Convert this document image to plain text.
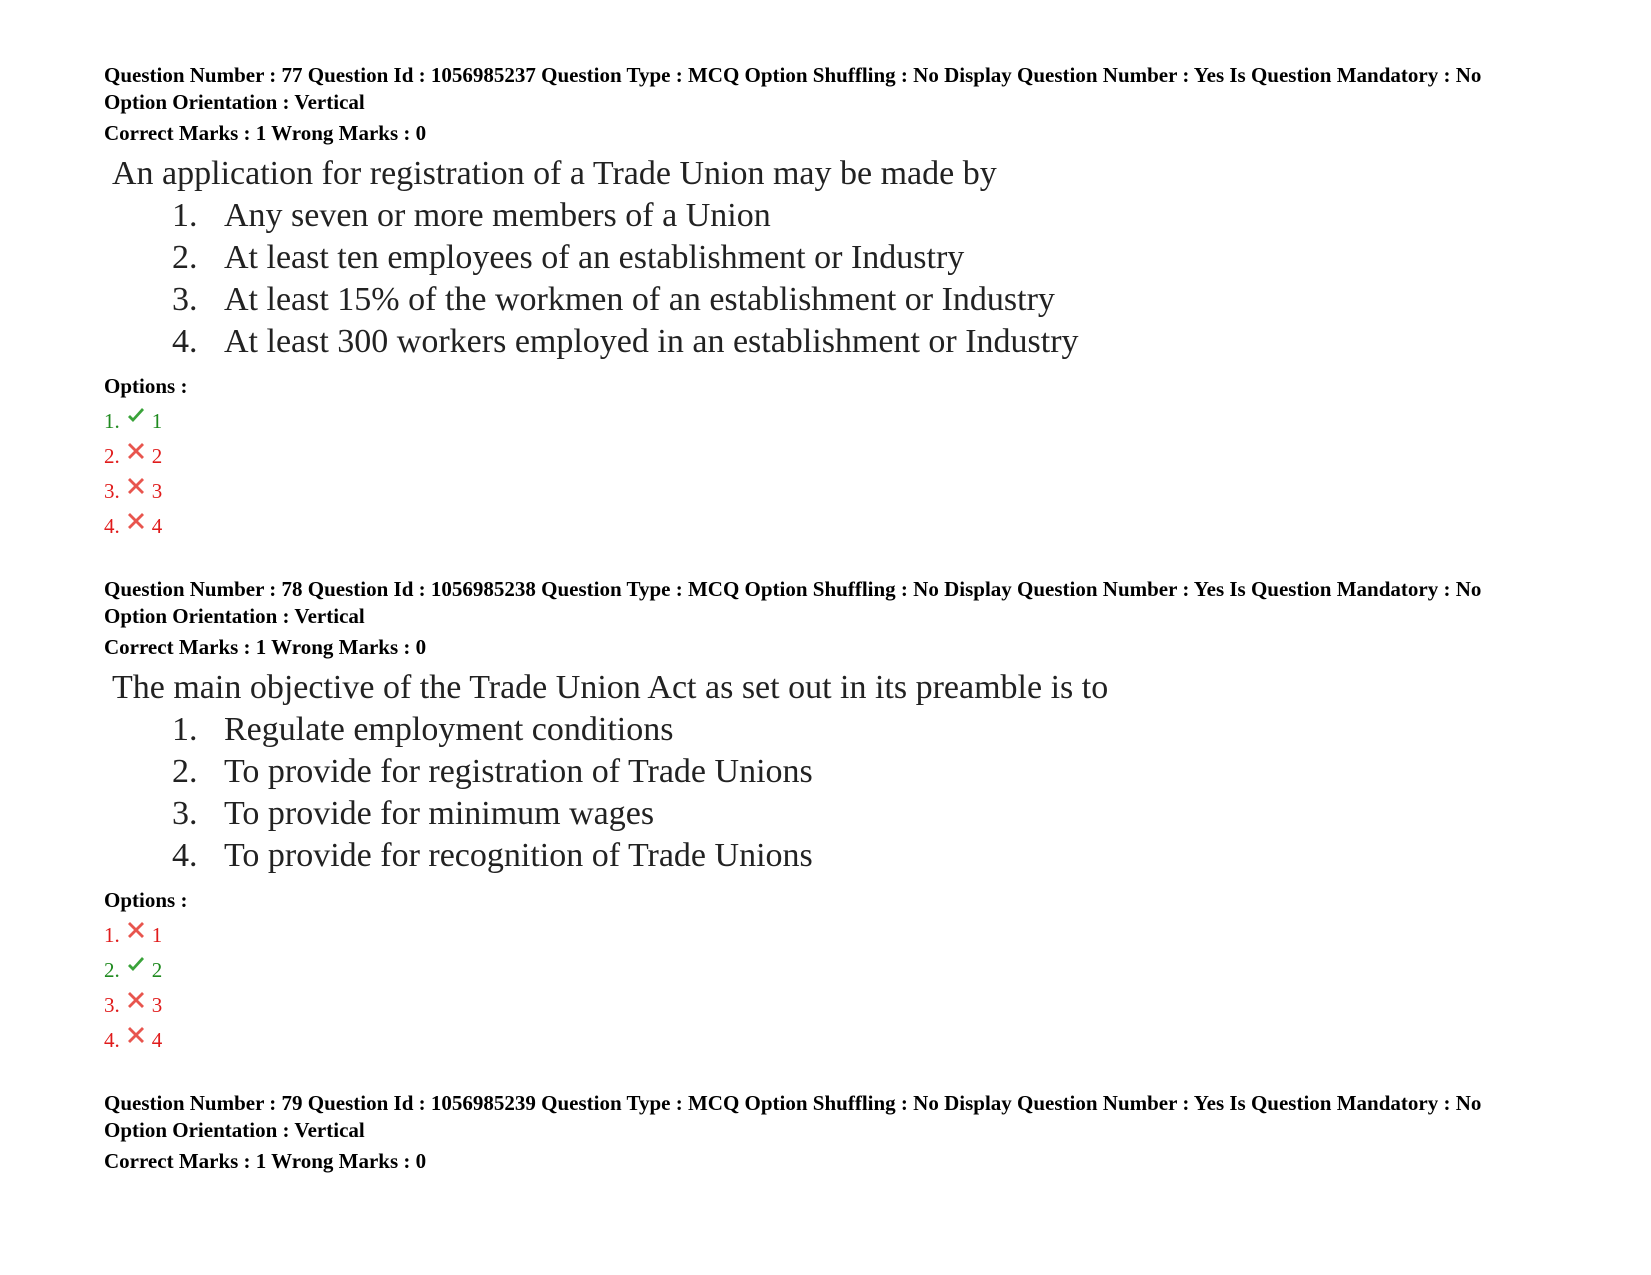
Question Number : 77 Question Id : 1056985237 Question Type : MCQ Option Shuffling : No Display Question Number : Yes Is Question Mandatory : No Option Orientation : Vertical
Correct Marks : 1 Wrong Marks : 0

An application for registration of a Trade Union may be made by

1. Any seven or more members of a Union
2. At least ten employees of an establishment or Industry
3. At least 15% of the workmen of an establishment or Industry
4. At least 300 workers employed in an establishment or Industry
Options :
1. 1
2. 2
3. 3
4. 4
Question Number : 78 Question Id : 1056985238 Question Type : MCQ Option Shuffling : No Display Question Number : Yes Is Question Mandatory : No Option Orientation : Vertical
Correct Marks : 1 Wrong Marks : 0

The main objective of the Trade Union Act as set out in its preamble is to

1. Regulate employment conditions
2. To provide for registration of Trade Unions
3. To provide for minimum wages
4. To provide for recognition of Trade Unions
Options :
1. 1
2. 2
3. 3
4. 4
Question Number : 79 Question Id : 1056985239 Question Type : MCQ Option Shuffling : No Display Question Number : Yes Is Question Mandatory : No Option Orientation : Vertical
Correct Marks : 1 Wrong Marks : 0
